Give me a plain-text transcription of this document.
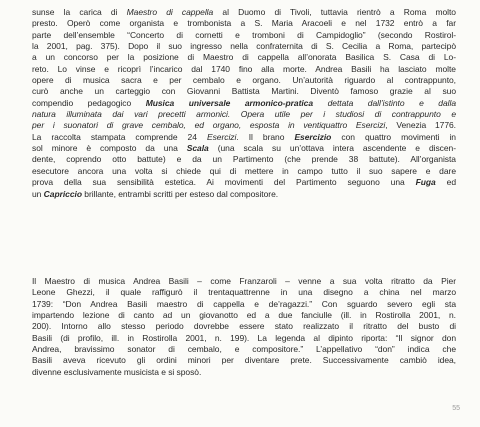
sunse la carica di Maestro di cappella al Duomo di Tivoli, tuttavia rientrò a Roma molto
presto. Operò come organista e trombonista a S. Maria Aracoeli e nel 1732 entrò a far
parte dell’ensemble “Concerto di cornetti e tromboni di Campidoglio” (secondo Rostirol-
la 2001, pag. 375). Dopo il suo ingresso nella confraternita di S. Cecilia a Roma, partecipò
a un concorso per la posizione di Maestro di cappella all’onorata Basilica S. Casa di Lo-
reto. Lo vinse e ricoprì l’incarico dal 1740 fino alla morte. Andrea Basili ha lasciato molte
opere di musica sacra e per cembalo e organo. Un’autorità riguardo al contrappunto,
curò anche un carteggio con Giovanni Battista Martini. Diventò famoso grazie al suo
compendio pedagogico Musica universale armonico-pratica dettata dall’istinto e dalla
natura illuminata dai vari precetti armonici. Opera utile per i studiosi di contrappunto e
per i suonatori di grave cembalo, ed organo, esposta in ventiquattro Esercizi, Venezia 1776.
La raccolta stampata comprende 24 Esercizi. Il brano Esercizio con quattro movimenti in
sol minore è composto da una Scala (una scala su un’ottava intera ascendente e discen-
dente, coprendo otto battute) e da un Partimento (che prende 38 battute). All’organista
esecutore ancora una volta si chiede qui di mettere in campo tutto il suo sapere e dare
prova della sua sensibilità estetica. Ai movimenti del Partimento seguono una Fuga ed
un Capriccio brillante, entrambi scritti per esteso dal compositore.
Il Maestro di musica Andrea Basili – come Franzaroli – venne a sua volta ritratto da Pier
Leone Ghezzi, il quale raffigurò il trentaquattrenne in una disegno a china nel marzo
1739: “Don Andrea Basili maestro di cappella e de’ragazzi.” Con sguardo severo egli sta
impartendo lezione di canto ad un giovanotto ed a due fanciulle (ill. in Rostirolla 2001, n.
200). Intorno allo stesso periodo dovrebbe essere stato realizzato il ritratto del busto di
Basili (di profilo, ill. in Rostirolla 2001, n. 199). La legenda al dipinto riporta: “Il signor don
Andrea, bravissimo sonator di cembalo, e compositore.” L’appellativo “don” indica che
Basili aveva ricevuto gli ordini minori per diventare prete. Successivamente cambiò idea,
divenne esclusivamente musicista e si sposò.
55
